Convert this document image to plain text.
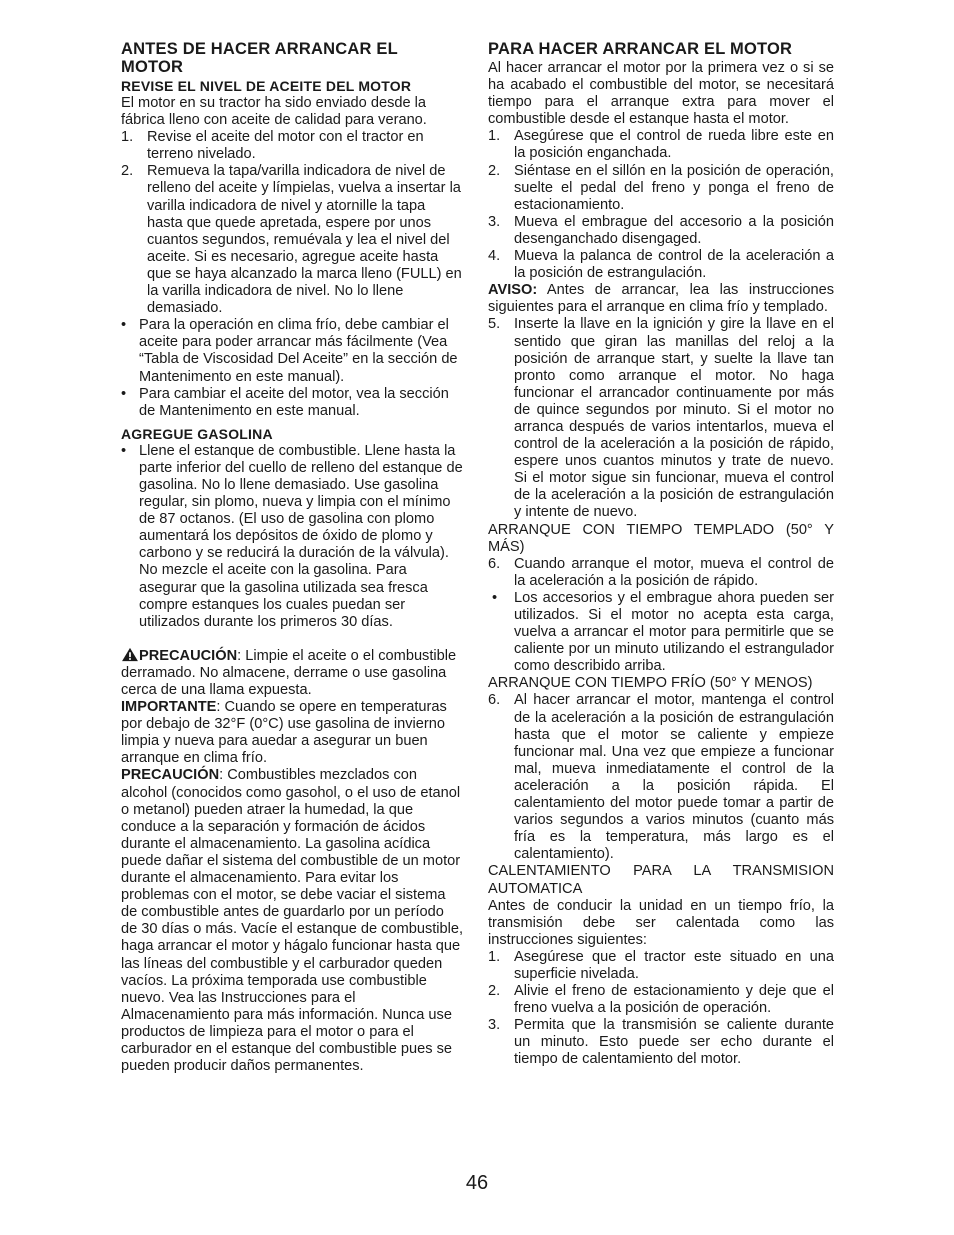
ANTES DE HACER ARRANCAR EL MOTOR
REVISE EL NIVEL DE ACEITE DEL MOTOR

El motor en su tractor ha sido enviado desde la fábrica lleno con aceite de calidad para verano.

1. Revise el aceite del motor con el tractor en terreno nivelado.
2. Remueva la tapa/varilla indicadora de nivel de relleno del aceite y límpielas, vuelva a insertar la varilla indicadora de nivel y atornille la tapa hasta que quede apretada, espere por unos cuantos segundos, remuévala y lea el nivel del aceite. Si es necesario, agregue aceite hasta que se haya alcanzado la marca lleno (FULL) en la varilla indicadora de nivel. No lo llene demasiado.
• Para la operación en clima frío, debe cambiar el aceite para poder arrancar más fácilmente (Vea “Tabla de Viscosidad Del Aceite” en la sección de Mantenimento en este manual).
• Para cambiar el aceite del motor, vea la sección de Mantenimento en este manual.
AGREGUE GASOLINA
• Llene el estanque de combustible. Llene hasta la parte inferior del cuello de relleno del estanque de gasolina. No lo llene demasiado. Use gasolina regular, sin plomo, nueva y limpia con el mínimo de 87 octanos. (El uso de gasolina con plomo aumentará los depósitos de óxido de plomo y carbono y se reducirá la duración de la válvula). No mezcle el aceite con la gasolina. Para asegurar que la gasolina utilizada sea fresca compre estanques los cuales puedan ser utilizados durante los primeros 30 días.

PRECAUCIÓN: Limpie el aceite o el combustible derramado. No almacene, derrame o use gasolina cerca de una llama expuesta.

IMPORTANTE: Cuando se opere en temperaturas por debajo de 32°F (0°C) use gasolina de invierno limpia y nueva para auedar a asegurar un buen arranque en clima frío.

PRECAUCIÓN: Combustibles mezclados con alcohol (conocidos como gasohol, o el uso de etanol o metanol) pueden atraer la humedad, la que conduce a la separación y formación de ácidos durante el almacenamiento. La gasolina acídica puede dañar el sistema del combustible de un motor durante el almacenamiento. Para evitar los problemas con el motor, se debe vaciar el sistema de combustible antes de guardarlo por un período de 30 días o más. Vacíe el estanque de combustible, haga arrancar el motor y hágalo funcionar hasta que las líneas del combustible y el carburador queden vacíos. La próxima temporada use combustible nuevo. Vea las Instrucciones para el Almacenamiento para más información. Nunca use productos de limpieza para el motor o para el carburador en el estanque del combustible pues se pueden producir daños permanentes.

PARA HACER ARRANCAR EL MOTOR

Al hacer arrancar el motor por la primera vez o si se ha acabado el combustible del motor, se necesitará tiempo para el arranque extra para mover el combustible desde el estanque hasta el motor.

1. Asegúrese que el control de rueda libre este en la posición enganchada.
2. Siéntase en el sillón en la posición de operación, suelte el pedal del freno y ponga el freno de estacionamiento.
3. Mueva el embrague del accesorio a la posición desenganchado disengaged.
4. Mueva la palanca de control de la aceleración a la posición de estrangulación.

AVISO: Antes de arrancar, lea las instrucciones siguientes para el arranque en clima frío y templado.

5. Inserte la llave en la ignición y gire la llave en el sentido que giran las manillas del reloj a la posición de arranque start, y suelte la llave tan pronto como arranque el motor. No haga funcionar el arrancador continuamente por más de quince segundos por minuto. Si el motor no arranca después de varios intentarlos, mueva el control de la aceleración a la posición de rápido, espere unos cuantos minutos y trate de nuevo. Si el motor sigue sin funcionar, mueva el control de la aceleración a la posición de estrangulación y intente de nuevo.

ARRANQUE CON TIEMPO TEMPLADO (50° Y MÁS)

6. Cuando arranque el motor, mueva el control de la aceleración a la posición de rápido.
• Los accesorios y el embrague ahora pueden ser utilizados. Si el motor no acepta esta carga, vuelva a arrancar el motor para permitirle que se caliente por un minuto utilizando el estrangulador como describido arriba.

ARRANQUE CON TIEMPO FRÍO (50° Y MENOS)

6. Al hacer arrancar el motor, mantenga el control de la aceleración a la posición de estrangulación hasta que el motor se caliente y empieze funcionar mal. Una vez que empieze a funcionar mal, mueva inmediatamente el control de la aceleración a la posición rápida. El calentamiento del motor puede tomar a partir de varios segundos a varios minutos (cuanto más fría es la temperatura, más largo es el calentamiento).

CALENTAMIENTO PARA LA TRANSMISION AUTOMATICA

Antes de conducir la unidad en un tiempo frío, la transmisión debe ser calentada como las instrucciones siguientes:

1. Asegúrese que el tractor este situado en una superficie nivelada.
2. Alivie el freno de estacionamiento y deje que el freno vuelva a la posición de operación.
3. Permita que la transmisión se caliente durante un minuto. Esto puede ser echo durante el tiempo de calentamiento del motor.
46
